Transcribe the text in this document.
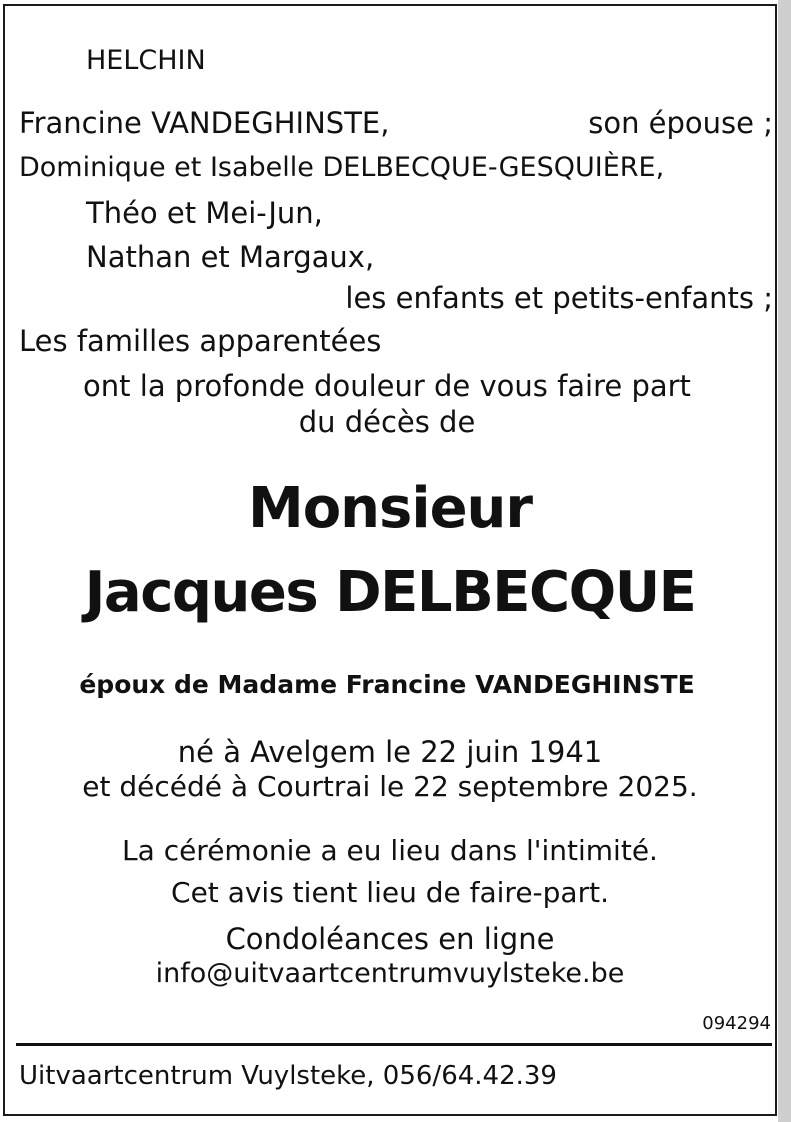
HELCHIN
Francine VANDEGHINSTE,	son épouse ;
Dominique et Isabelle DELBECQUE-GESQUIÈRE,
Théo et Mei-Jun,
Nathan et Margaux,
les enfants et petits-enfants ;
Les familles apparentées
ont la profonde douleur de vous faire part
du décès de
Monsieur
Jacques DELBECQUE
époux de Madame Francine VANDEGHINSTE
né à Avelgem le 22 juin 1941
et décédé à Courtrai le 22 septembre 2025.
La cérémonie a eu lieu dans l'intimité.
Cet avis tient lieu de faire-part.
Condoléances en ligne
info@uitvaartcentrumvuylsteke.be
094294
Uitvaartcentrum Vuylsteke, 056/64.42.39
